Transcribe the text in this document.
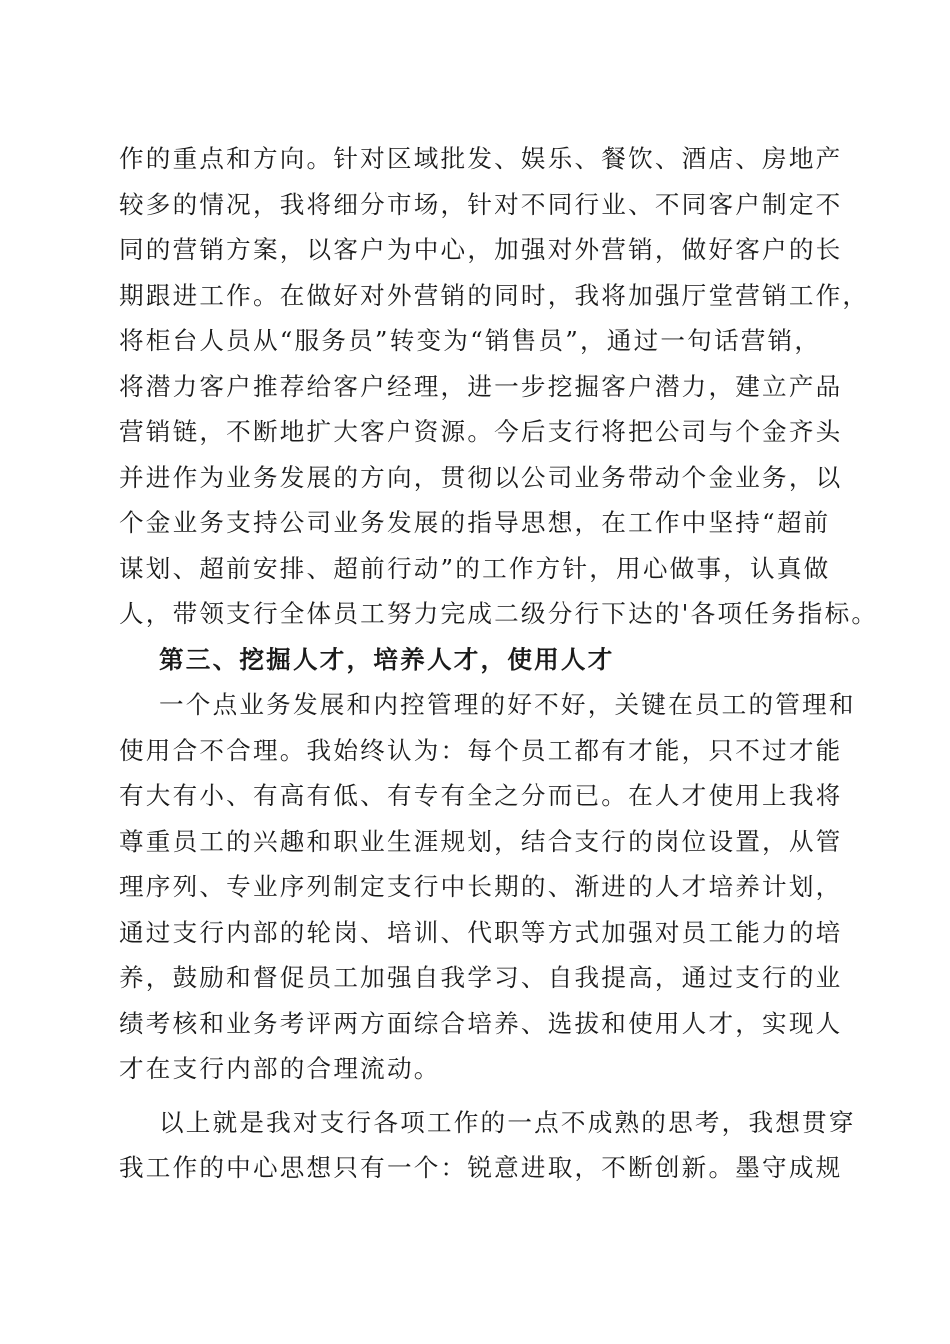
作的重点和方向。针对区域批发、娱乐、餐饮、酒店、房地产
较多的情况，我将细分市场，针对不同行业、不同客户制定不
同的营销方案，以客户为中心，加强对外营销，做好客户的长
期跟进工作。在做好对外营销的同时，我将加强厅堂营销工作，
将柜台人员从“服务员”转变为“销售员”，通过一句话营销，
将潜力客户推荐给客户经理，进一步挖掘客户潜力，建立产品
营销链，不断地扩大客户资源。今后支行将把公司与个金齐头
并进作为业务发展的方向，贯彻以公司业务带动个金业务，以
个金业务支持公司业务发展的指导思想，在工作中坚持“超前
谋划、超前安排、超前行动”的工作方针，用心做事，认真做
人，带领支行全体员工努力完成二级分行下达的'各项任务指标。
第三、挖掘人才，培养人才，使用人才
一个点业务发展和内控管理的好不好，关键在员工的管理和
使用合不合理。我始终认为：每个员工都有才能，只不过才能
有大有小、有高有低、有专有全之分而已。在人才使用上我将
尊重员工的兴趣和职业生涯规划，结合支行的岗位设置，从管
理序列、专业序列制定支行中长期的、渐进的人才培养计划，
通过支行内部的轮岗、培训、代职等方式加强对员工能力的培
养，鼓励和督促员工加强自我学习、自我提高，通过支行的业
绩考核和业务考评两方面综合培养、选拔和使用人才，实现人
才在支行内部的合理流动。
以上就是我对支行各项工作的一点不成熟的思考，我想贯穿
我工作的中心思想只有一个：锐意进取，不断创新。墨守成规
